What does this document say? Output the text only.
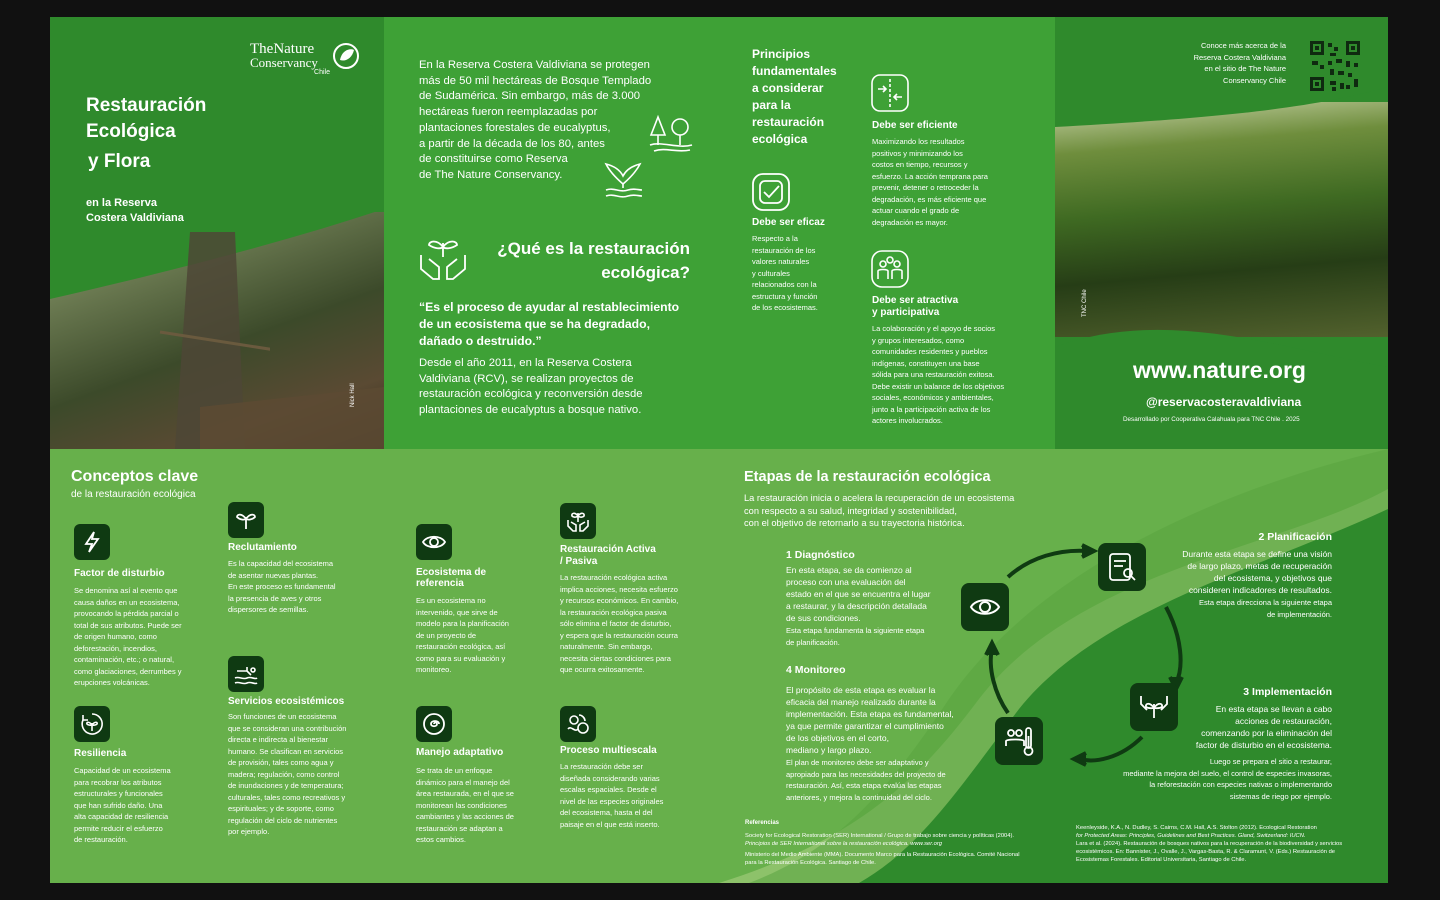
TheNature
Conservancy
Chile
Restauración
Ecológica
y Flora
en la Reserva
Costera Valdiviana
Nick Hall
En la Reserva Costera Valdiviana se protegen
más de 50 mil hectáreas de Bosque Templado
de Sudamérica. Sin embargo, más de 3.000
hectáreas fueron reemplazadas por
plantaciones forestales de eucalyptus,
a partir de la década de los 80, antes
de constituirse como Reserva
de The Nature Conservancy.
¿Qué es la restauración
ecológica?
“Es el proceso de ayudar al restablecimiento
de un ecosistema que se ha degradado,
dañado o destruido.”
Desde el año 2011, en la Reserva Costera
Valdiviana (RCV), se realizan proyectos de
restauración ecológica y reconversión desde
plantaciones de eucalyptus a bosque nativo.
Principios
fundamentales
a considerar
para la
restauración
ecológica
Debe ser eficiente
Maximizando los resultados
positivos y minimizando los
costos en tiempo, recursos y
esfuerzo. La acción temprana para
prevenir, detener o retroceder la
degradación, es más eficiente que
actuar cuando el grado de
degradación es mayor.
Debe ser eficaz
Respecto a la
restauración de los
valores naturales
y culturales
relacionados con la
estructura y función
de los ecosistemas.
Debe ser atractiva
y participativa
La colaboración y el apoyo de socios
y grupos interesados, como
comunidades residentes y pueblos
indígenas, constituyen una base
sólida para una restauración exitosa.
Debe existir un balance de los objetivos
sociales, económicos y ambientales,
junto a la participación activa de los
actores involucrados.
Conoce más acerca de la
Reserva Costera Valdiviana
en el sitio de The Nature
Conservancy Chile
TNC Chile
www.nature.org
@reservacosteravaldiviana
Desarrollado por Cooperativa Calahuala para TNC Chile . 2025
Conceptos clave
de la restauración ecológica
Factor de disturbio
Se denomina así al evento que
causa daños en un ecosistema,
provocando la pérdida parcial o
total de sus atributos. Puede ser
de origen humano, como
deforestación, incendios,
contaminación, etc.; o natural,
como glaciaciones, derrumbes y
erupciones volcánicas.
Reclutamiento
Es la capacidad del ecosistema
de asentar nuevas plantas.
En este proceso es fundamental
la presencia de aves y otros
dispersores de semillas.
Ecosistema de referencia
Es un ecosistema no
intervenido, que sirve de
modelo para la planificación
de un proyecto de
restauración ecológica, así
como para su evaluación y
monitoreo.
Restauración Activa / Pasiva
La restauración ecológica activa
implica acciones, necesita esfuerzo
y recursos económicos. En cambio,
la restauración ecológica pasiva
sólo elimina el factor de disturbio,
y espera que la restauración ocurra
naturalmente. Sin embargo,
necesita ciertas condiciones para
que ocurra exitosamente.
Servicios ecosistémicos
Son funciones de un ecosistema
que se consideran una contribución
directa e indirecta al bienestar
humano. Se clasifican en servicios
de provisión, tales como agua y
madera; regulación, como control
de inundaciones y de temperatura;
culturales, tales como recreativos y
espirituales; y de soporte, como
regulación del ciclo de nutrientes
por ejemplo.
Resiliencia
Capacidad de un ecosistema
para recobrar los atributos
estructurales y funcionales
que han sufrido daño. Una
alta capacidad de resiliencia
permite reducir el esfuerzo
de restauración.
Manejo adaptativo
Se trata de un enfoque
dinámico para el manejo del
área restaurada, en el que se
monitorean las condiciones
cambiantes y las acciones de
restauración se adaptan a
estos cambios.
Proceso multiescala
La restauración debe ser
diseñada considerando varias
escalas espaciales. Desde el
nivel de las especies originales
del ecosistema, hasta el del
paisaje en el que está inserto.
Etapas de la restauración ecológica
La restauración inicia o acelera la recuperación de un ecosistema
con respecto a su salud, integridad y sostenibilidad,
con el objetivo de retornarlo a su trayectoria histórica.
1 Diagnóstico
En esta etapa, se da comienzo al
proceso con una evaluación del
estado en el que se encuentra el lugar
a restaurar, y la descripción detallada
de sus condiciones.
Esta etapa fundamenta la siguiente etapa
de planificación.
2 Planificación
Durante esta etapa se define una visión
de largo plazo, metas de recuperación
del ecosistema, y objetivos que
consideren indicadores de resultados.
Esta etapa direcciona la siguiente etapa
de implementación.
3 Implementación
En esta etapa se llevan a cabo
acciones de restauración,
comenzando por la eliminación del
factor de disturbio en el ecosistema.
Luego se prepara el sitio a restaurar,
mediante la mejora del suelo, el control de especies invasoras,
la reforestación con especies nativas o implementando
sistemas de riego por ejemplo.
4 Monitoreo
El propósito de esta etapa es evaluar la
eficacia del manejo realizado durante la
implementación. Esta etapa es fundamental,
ya que permite garantizar el cumplimiento
de los objetivos en el corto,
mediano y largo plazo.
El plan de monitoreo debe ser adaptativo y
apropiado para las necesidades del proyecto de
restauración. Así, esta etapa evalúa las etapas
anteriores, y mejora la continuidad del ciclo.
Referencias
Society for Ecological Restoration (SER) International / Grupo de trabajo sobre ciencia y políticas (2004).
Principios de SER International sobre la restauración ecológica. www.ser.org
Ministerio del Medio Ambiente (MMA). Documento Marco para la Restauración Ecológica. Comité Nacional
para la Restauración Ecológica. Santiago de Chile.
Keenleyside, K.A., N. Dudley, S. Cairns, C.M. Hall, A.S. Stolton (2012). Ecological Restoration
for Protected Areas: Principles, Guidelines and Best Practices. Gland, Switzerland: IUCN.
Lara et al. (2024). Restauración de bosques nativos para la recuperación de la biodiversidad y servicios
ecosistémicos. En: Bannister, J., Ovalle, J., Vargas-Basta, R. & Claramunt, V. (Eds.) Restauración de
Ecosistemas Forestales. Editorial Universitaria, Santiago de Chile.
